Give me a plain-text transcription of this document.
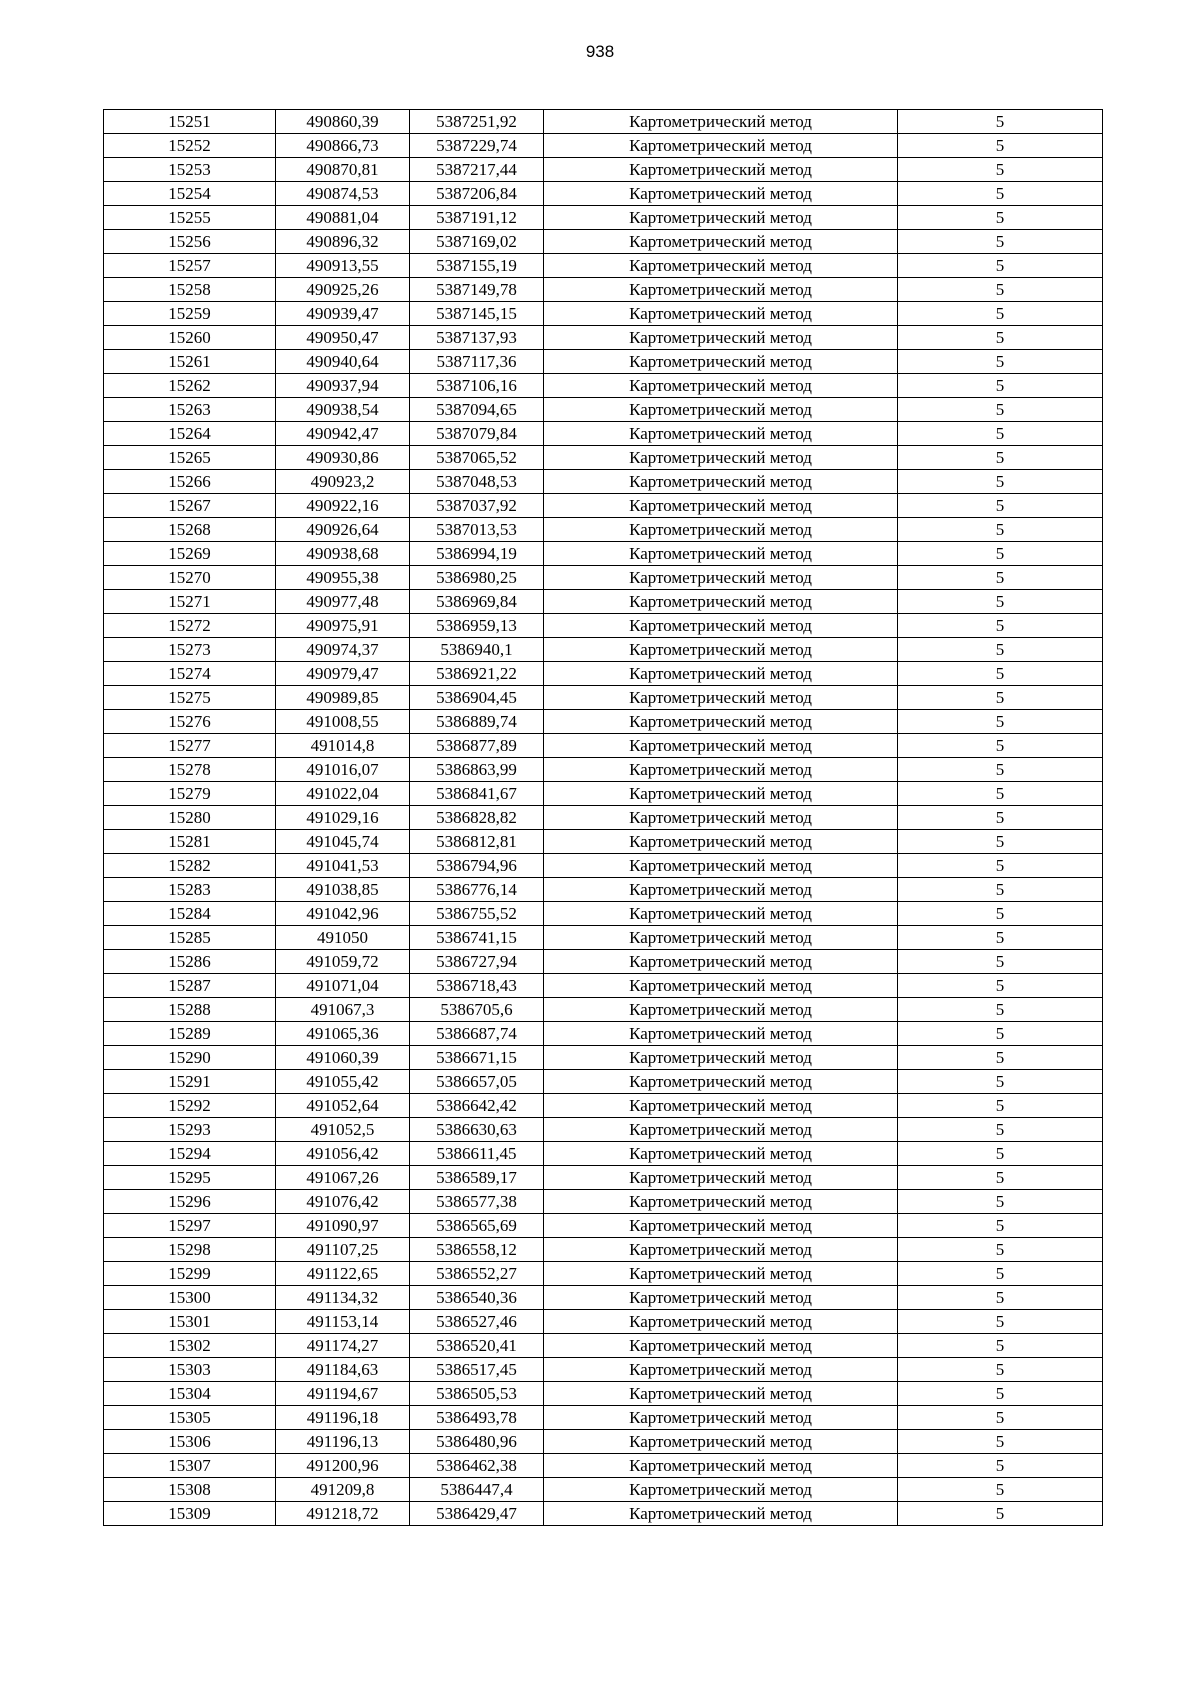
938
15251	490860,39	5387251,92	Картометрический метод	5
15252	490866,73	5387229,74	Картометрический метод	5
15253	490870,81	5387217,44	Картометрический метод	5
15254	490874,53	5387206,84	Картометрический метод	5
15255	490881,04	5387191,12	Картометрический метод	5
15256	490896,32	5387169,02	Картометрический метод	5
15257	490913,55	5387155,19	Картометрический метод	5
15258	490925,26	5387149,78	Картометрический метод	5
15259	490939,47	5387145,15	Картометрический метод	5
15260	490950,47	5387137,93	Картометрический метод	5
15261	490940,64	5387117,36	Картометрический метод	5
15262	490937,94	5387106,16	Картометрический метод	5
15263	490938,54	5387094,65	Картометрический метод	5
15264	490942,47	5387079,84	Картометрический метод	5
15265	490930,86	5387065,52	Картометрический метод	5
15266	490923,2	5387048,53	Картометрический метод	5
15267	490922,16	5387037,92	Картометрический метод	5
15268	490926,64	5387013,53	Картометрический метод	5
15269	490938,68	5386994,19	Картометрический метод	5
15270	490955,38	5386980,25	Картометрический метод	5
15271	490977,48	5386969,84	Картометрический метод	5
15272	490975,91	5386959,13	Картометрический метод	5
15273	490974,37	5386940,1	Картометрический метод	5
15274	490979,47	5386921,22	Картометрический метод	5
15275	490989,85	5386904,45	Картометрический метод	5
15276	491008,55	5386889,74	Картометрический метод	5
15277	491014,8	5386877,89	Картометрический метод	5
15278	491016,07	5386863,99	Картометрический метод	5
15279	491022,04	5386841,67	Картометрический метод	5
15280	491029,16	5386828,82	Картометрический метод	5
15281	491045,74	5386812,81	Картометрический метод	5
15282	491041,53	5386794,96	Картометрический метод	5
15283	491038,85	5386776,14	Картометрический метод	5
15284	491042,96	5386755,52	Картометрический метод	5
15285	491050	5386741,15	Картометрический метод	5
15286	491059,72	5386727,94	Картометрический метод	5
15287	491071,04	5386718,43	Картометрический метод	5
15288	491067,3	5386705,6	Картометрический метод	5
15289	491065,36	5386687,74	Картометрический метод	5
15290	491060,39	5386671,15	Картометрический метод	5
15291	491055,42	5386657,05	Картометрический метод	5
15292	491052,64	5386642,42	Картометрический метод	5
15293	491052,5	5386630,63	Картометрический метод	5
15294	491056,42	5386611,45	Картометрический метод	5
15295	491067,26	5386589,17	Картометрический метод	5
15296	491076,42	5386577,38	Картометрический метод	5
15297	491090,97	5386565,69	Картометрический метод	5
15298	491107,25	5386558,12	Картометрический метод	5
15299	491122,65	5386552,27	Картометрический метод	5
15300	491134,32	5386540,36	Картометрический метод	5
15301	491153,14	5386527,46	Картометрический метод	5
15302	491174,27	5386520,41	Картометрический метод	5
15303	491184,63	5386517,45	Картометрический метод	5
15304	491194,67	5386505,53	Картометрический метод	5
15305	491196,18	5386493,78	Картометрический метод	5
15306	491196,13	5386480,96	Картометрический метод	5
15307	491200,96	5386462,38	Картометрический метод	5
15308	491209,8	5386447,4	Картометрический метод	5
15309	491218,72	5386429,47	Картометрический метод	5
